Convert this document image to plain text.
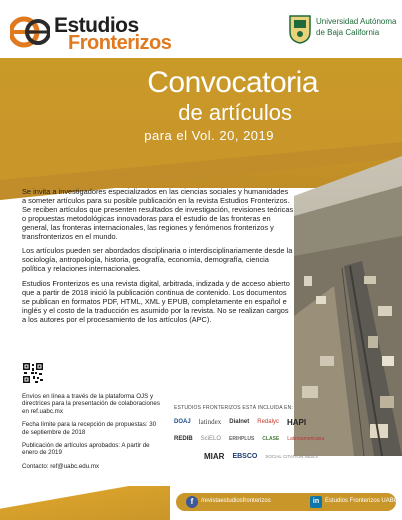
Estudios
Fronterizos
Universidad Autónoma
de Baja California
Convocatoria
de artículos
para el Vol. 20, 2019

Se invita a investigadores especializados en las ciencias sociales y humanidades a someter artículos para su posible publicación en la revista Estudios Fronterizos. Se reciben artículos que presenten resultados de investigación, revisiones teóricas o propuestas metodológicas innovadoras para el estudio de las fronteras en general, las fronteras internacionales, las regiones y fenómenos fronterizos y transfronterizos en el mundo.

Los artículos pueden ser abordados disciplinaria o interdisciplinariamente desde la sociología, antropología, historia, geografía, economía, demografía, ciencia política y relaciones internacionales.

Estudios Fronterizos es una revista digital, arbitrada, indizada y de acceso abierto que a partir de 2018 inició la publicación continua de contenido. Los documentos se publican en formatos PDF, HTML, XML y EPUB, completamente en español e inglés y el costo de la traducción es asumido por la revista. No se realizan cargos a los autores por el procesamiento de los artículos (APC).

Envíos en línea a través de la plataforma OJS y directrices para la presentación de colaboraciones en ref.uabc.mx

Fecha límite para la recepción de propuestas: 30 de septiembre de 2018

Publicación de artículos aprobados: A partir de enero de 2019

Contacto: ref@uabc.edu.mx

ESTUDIOS FRONTERIZOS ESTÁ INCLUIDA EN:
DOAJ latindex Dialnet Redalyc HAPI
REDIB SciELO ERIHPLUS CLASE Latinoamericana
MIAR EBSCO SOCIAL CITATION INDEX
f	/revistaestudiosfronterizos	in Estudios Fronterizos UABC
